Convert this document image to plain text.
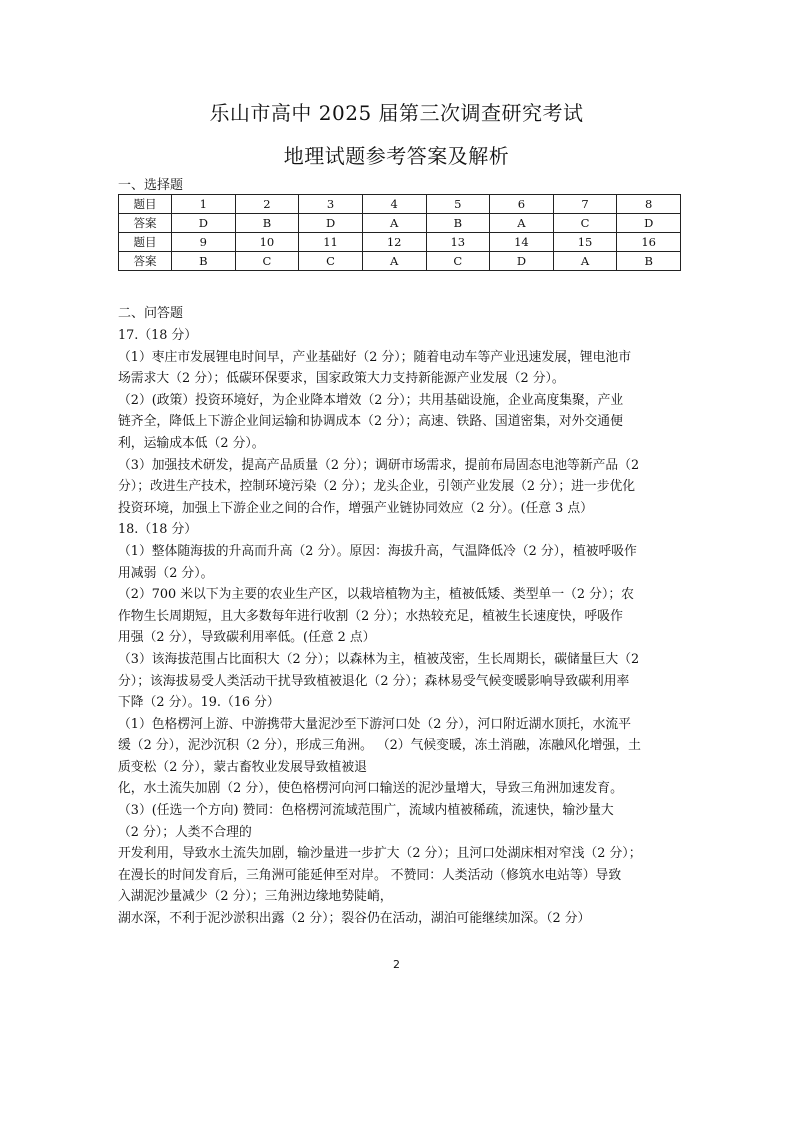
乐山市高中 2025 届第三次调查研究考试
地理试题参考答案及解析
一、选择题
题目	1	2	3	4	5	6	7	8
答案	D	B	D	A	B	A	C	D
题目	9	10	11	12	13	14	15	16
答案	B	C	C	A	C	D	A	B
二、问答题
17.（18 分）
（1）枣庄市发展锂电时间早，产业基础好（2 分）；随着电动车等产业迅速发展，锂电池市
场需求大（2 分）；低碳环保要求，国家政策大力支持新能源产业发展（2 分）。
（2）(政策）投资环境好，为企业降本增效（2 分）；共用基础设施，企业高度集聚，产业
链齐全，降低上下游企业间运输和协调成本（2 分）；高速、铁路、国道密集，对外交通便
利，运输成本低（2 分）。
（3）加强技术研发，提高产品质量（2 分）；调研市场需求，提前布局固态电池等新产品（2
分）；改进生产技术，控制环境污染（2 分）；龙头企业，引领产业发展（2 分）；进一步优化
投资环境，加强上下游企业之间的合作，增强产业链协同效应（2 分）。(任意 3 点）
18.（18 分）
（1）整体随海拔的升高而升高（2 分）。原因：海拔升高，气温降低冷（2 分），植被呼吸作
用减弱（2 分）。
（2）700 米以下为主要的农业生产区，以栽培植物为主，植被低矮、类型单一（2 分）；农
作物生长周期短，且大多数每年进行收割（2 分）；水热较充足，植被生长速度快，呼吸作
用强（2 分），导致碳利用率低。(任意 2 点）
（3）该海拔范围占比面积大（2 分）；以森林为主，植被茂密，生长周期长，碳储量巨大（2
分）；该海拔易受人类活动干扰导致植被退化（2 分）；森林易受气候变暖影响导致碳利用率
下降（2 分）。19.（16 分）
（1）色格楞河上游、中游携带大量泥沙至下游河口处（2 分），河口附近湖水顶托，水流平
缓（2 分），泥沙沉积（2 分），形成三角洲。 （2）气候变暖，冻土消融，冻融风化增强，土
质变松（2 分），蒙古畜牧业发展导致植被退
化，水土流失加剧（2 分），使色格楞河向河口输送的泥沙量增大，导致三角洲加速发育。
（3）(任选一个方向) 赞同：色格楞河流域范围广，流域内植被稀疏，流速快，输沙量大
（2 分）；人类不合理的
开发利用，导致水土流失加剧，输沙量进一步扩大（2 分）；且河口处湖床相对窄浅（2 分）；
在漫长的时间发育后，三角洲可能延伸至对岸。 不赞同：人类活动（修筑水电站等）导致
入湖泥沙量减少（2 分）；三角洲边缘地势陡峭，
湖水深，不利于泥沙淤积出露（2 分）；裂谷仍在活动，湖泊可能继续加深。（2 分）
2
